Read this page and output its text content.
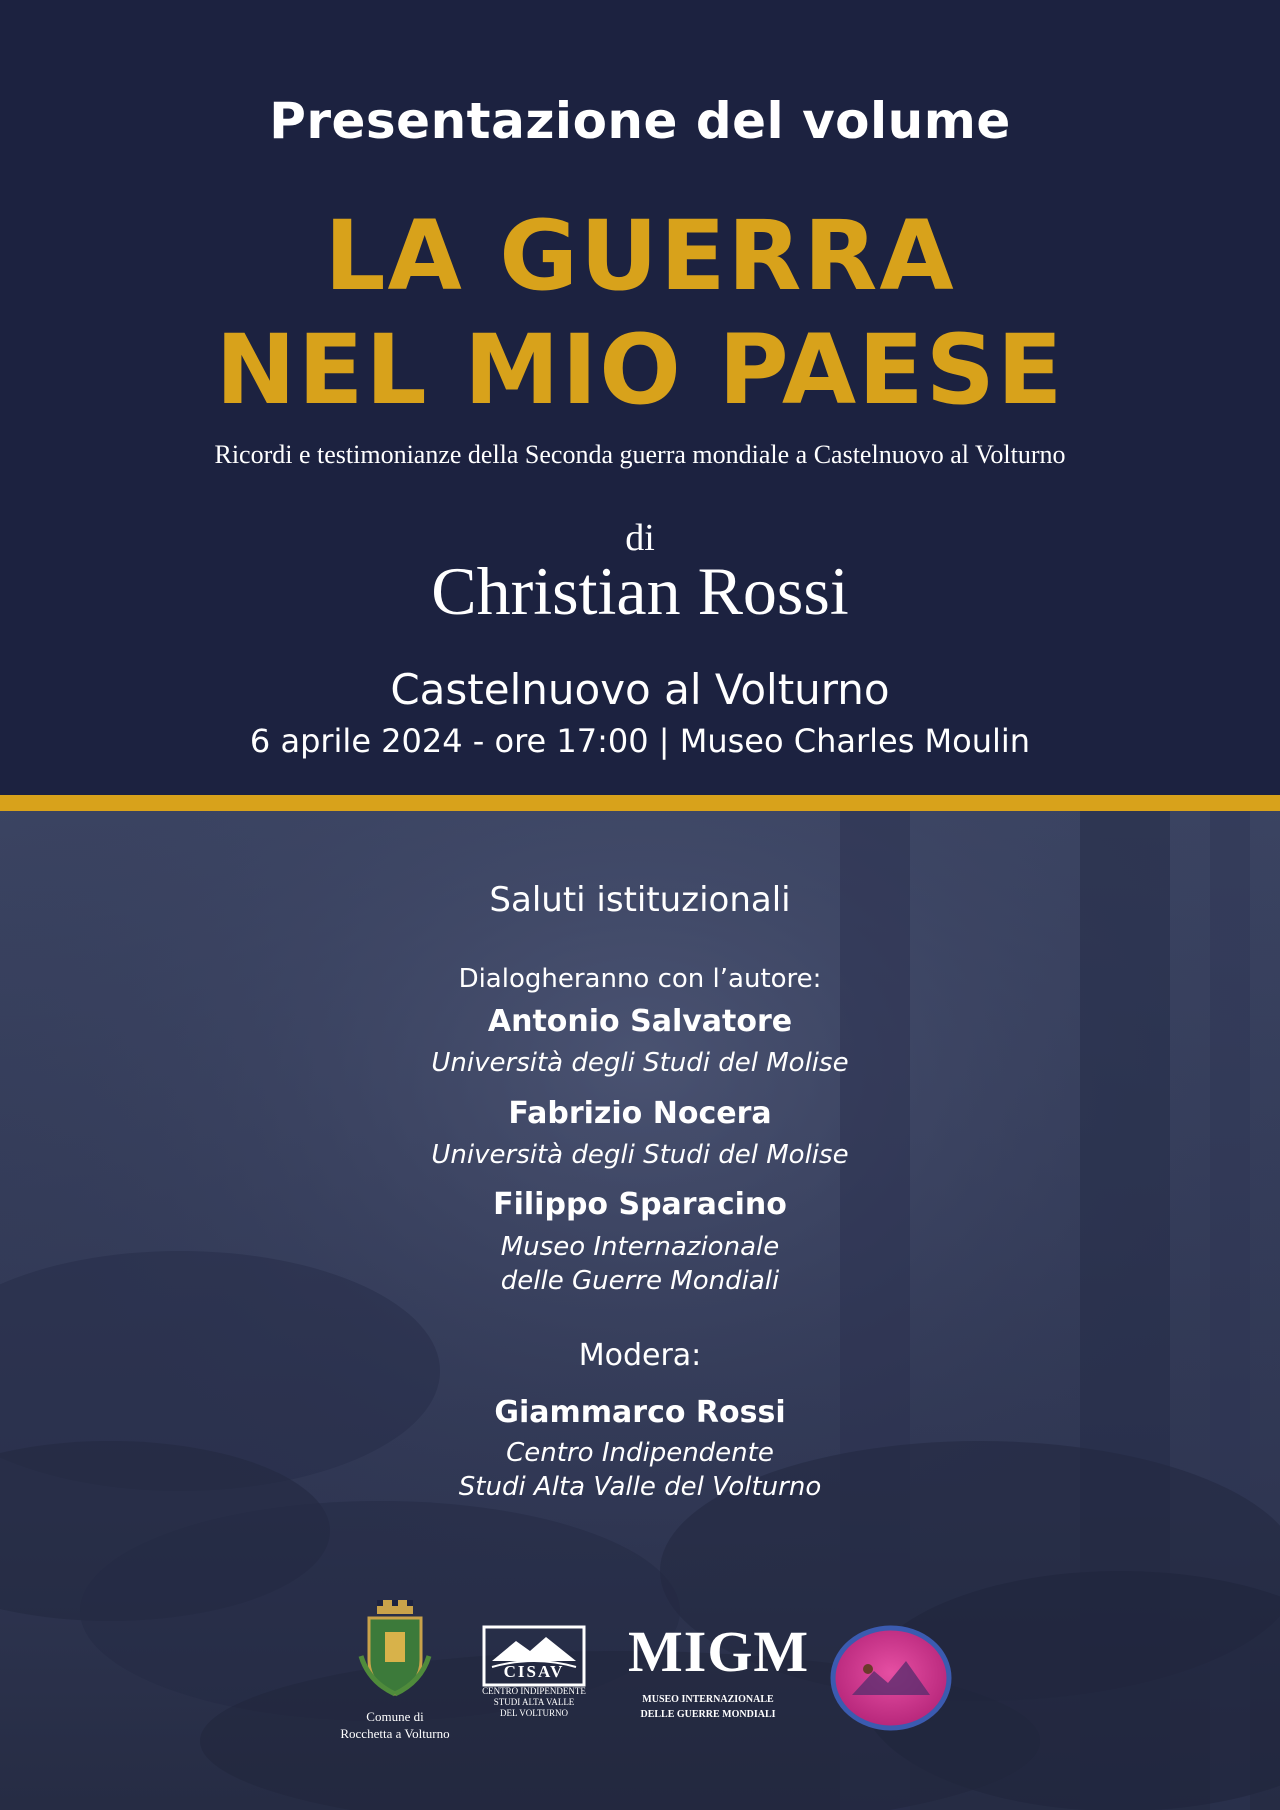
Presentazione del volume
LA GUERRA
NEL MIO PAESE
Ricordi e testimonianze della Seconda guerra mondiale a Castelnuovo al Volturno
di
Christian Rossi
Castelnuovo al Volturno
6 aprile 2024 - ore 17:00 | Museo Charles Moulin
Saluti istituzionali
Dialogheranno con l’autore:
Antonio Salvatore
Università degli Studi del Molise
Fabrizio Nocera
Università degli Studi del Molise
Filippo Sparacino
Museo Internazionale
delle Guerre Mondiali
Modera:
Giammarco Rossi
Centro Indipendente
Studi Alta Valle del Volturno
Comune di
Rocchetta a Volturno
CISAV
CENTRO INDIPENDENTE
STUDI ALTA VALLE
DEL VOLTURNO
MIGM
MUSEO INTERNAZIONALE
DELLE GUERRE MONDIALI
